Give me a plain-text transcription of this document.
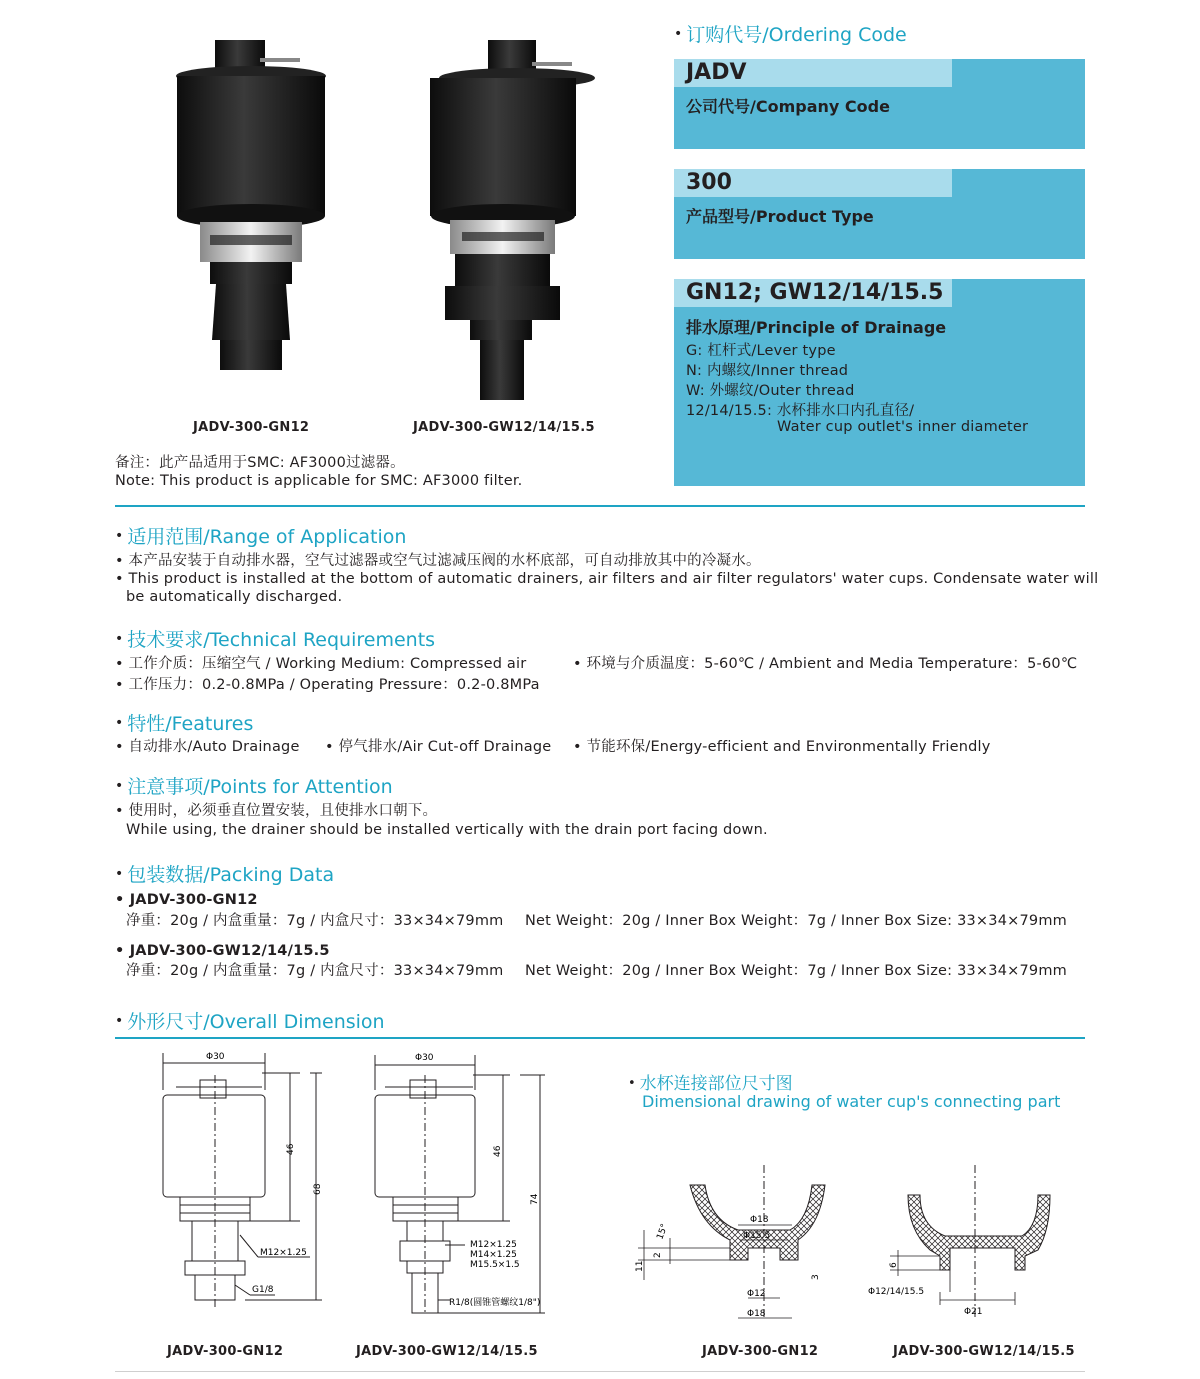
JADV-300-GN12	JADV-300-GW12/14/15.5
备注：此产品适用于SMC: AF3000过滤器。
Note: This product is applicable for SMC: AF3000 filter.
• 订购代号/Ordering Code
JADV
公司代号/Company Code
300
产品型号/Product Type
GN12; GW12/14/15.5
排水原理/Principle of Drainage
G: 杠杆式/Lever type
N: 内螺纹/Inner thread
W: 外螺纹/Outer thread
12/14/15.5: 水杯排水口内孔直径/
Water cup outlet's inner diameter
• 适用范围/Range of Application
• 本产品安装于自动排水器，空气过滤器或空气过滤减压阀的水杯底部，可自动排放其中的冷凝水。
• This product is installed at the bottom of automatic drainers, air filters and air filter regulators' water cups. Condensate water will
be automatically discharged.
• 技术要求/Technical Requirements
• 工作介质：压缩空气 / Working Medium: Compressed air	• 环境与介质温度：5-60℃ / Ambient and Media Temperature：5-60℃
• 工作压力：0.2-0.8MPa / Operating Pressure：0.2-0.8MPa
• 特性/Features
• 自动排水/Auto Drainage • 停气排水/Air Cut-off Drainage • 节能环保/Energy-efficient and Environmentally Friendly
• 注意事项/Points for Attention
• 使用时，必须垂直位置安装，且使排水口朝下。
While using, the drainer should be installed vertically with the drain port facing down.
• 包装数据/Packing Data
• JADV-300-GN12
净重：20g / 内盒重量：7g / 内盒尺寸：33×34×79mm Net Weight：20g / Inner Box Weight：7g / Inner Box Size: 33×34×79mm
• JADV-300-GW12/14/15.5
净重：20g / 内盒重量：7g / 内盒尺寸：33×34×79mm Net Weight：20g / Inner Box Weight：7g / Inner Box Size: 33×34×79mm
• 外形尺寸/Overall Dimension
Φ30
46
68
M12×1.25
G1/8
JADV-300-GN12
Φ30
46
74
M12×1.25
M14×1.25
M15.5×1.5
R1/8(圆锥管螺纹1/8")
JADV-300-GW12/14/15.5
• 水杯连接部位尺寸图
Dimensional drawing of water cup's connecting part
Φ18
Φ15.5
Φ12
Φ18
15°
11
2
3
JADV-300-GN12
6
Φ12/14/15.5
Φ21
JADV-300-GW12/14/15.5
